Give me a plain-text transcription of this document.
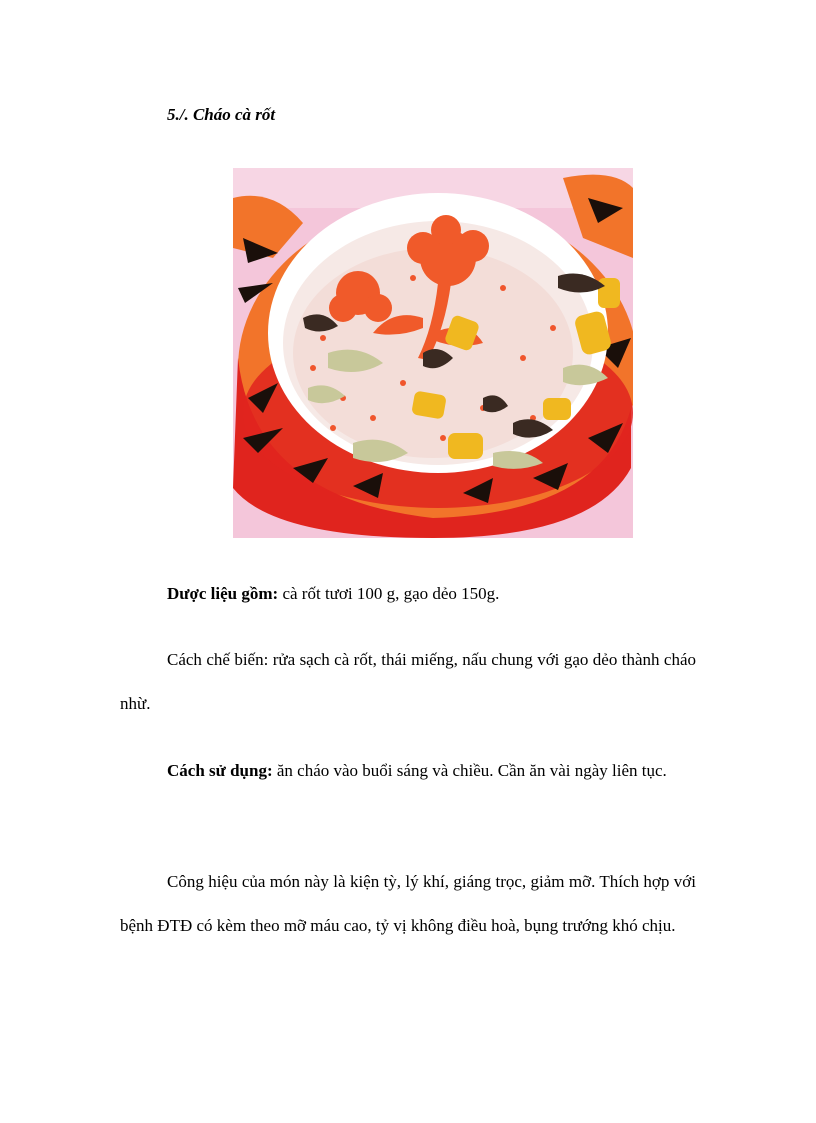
5./. Cháo cà rốt

Dược liệu gồm: cà rốt tươi 100 g, gạo dẻo 150g.

Cách chế biến: rửa sạch cà rốt, thái miếng, nấu chung với gạo dẻo thành cháo nhừ.

Cách sử dụng: ăn cháo vào buổi sáng và chiều. Cần ăn vài ngày liên tục.

Công hiệu của món này là kiện tỳ, lý khí, giáng trọc, giảm mỡ. Thích hợp với bệnh ĐTĐ có kèm theo mỡ máu cao, tỷ vị không điều hoà, bụng trướng khó chịu.
